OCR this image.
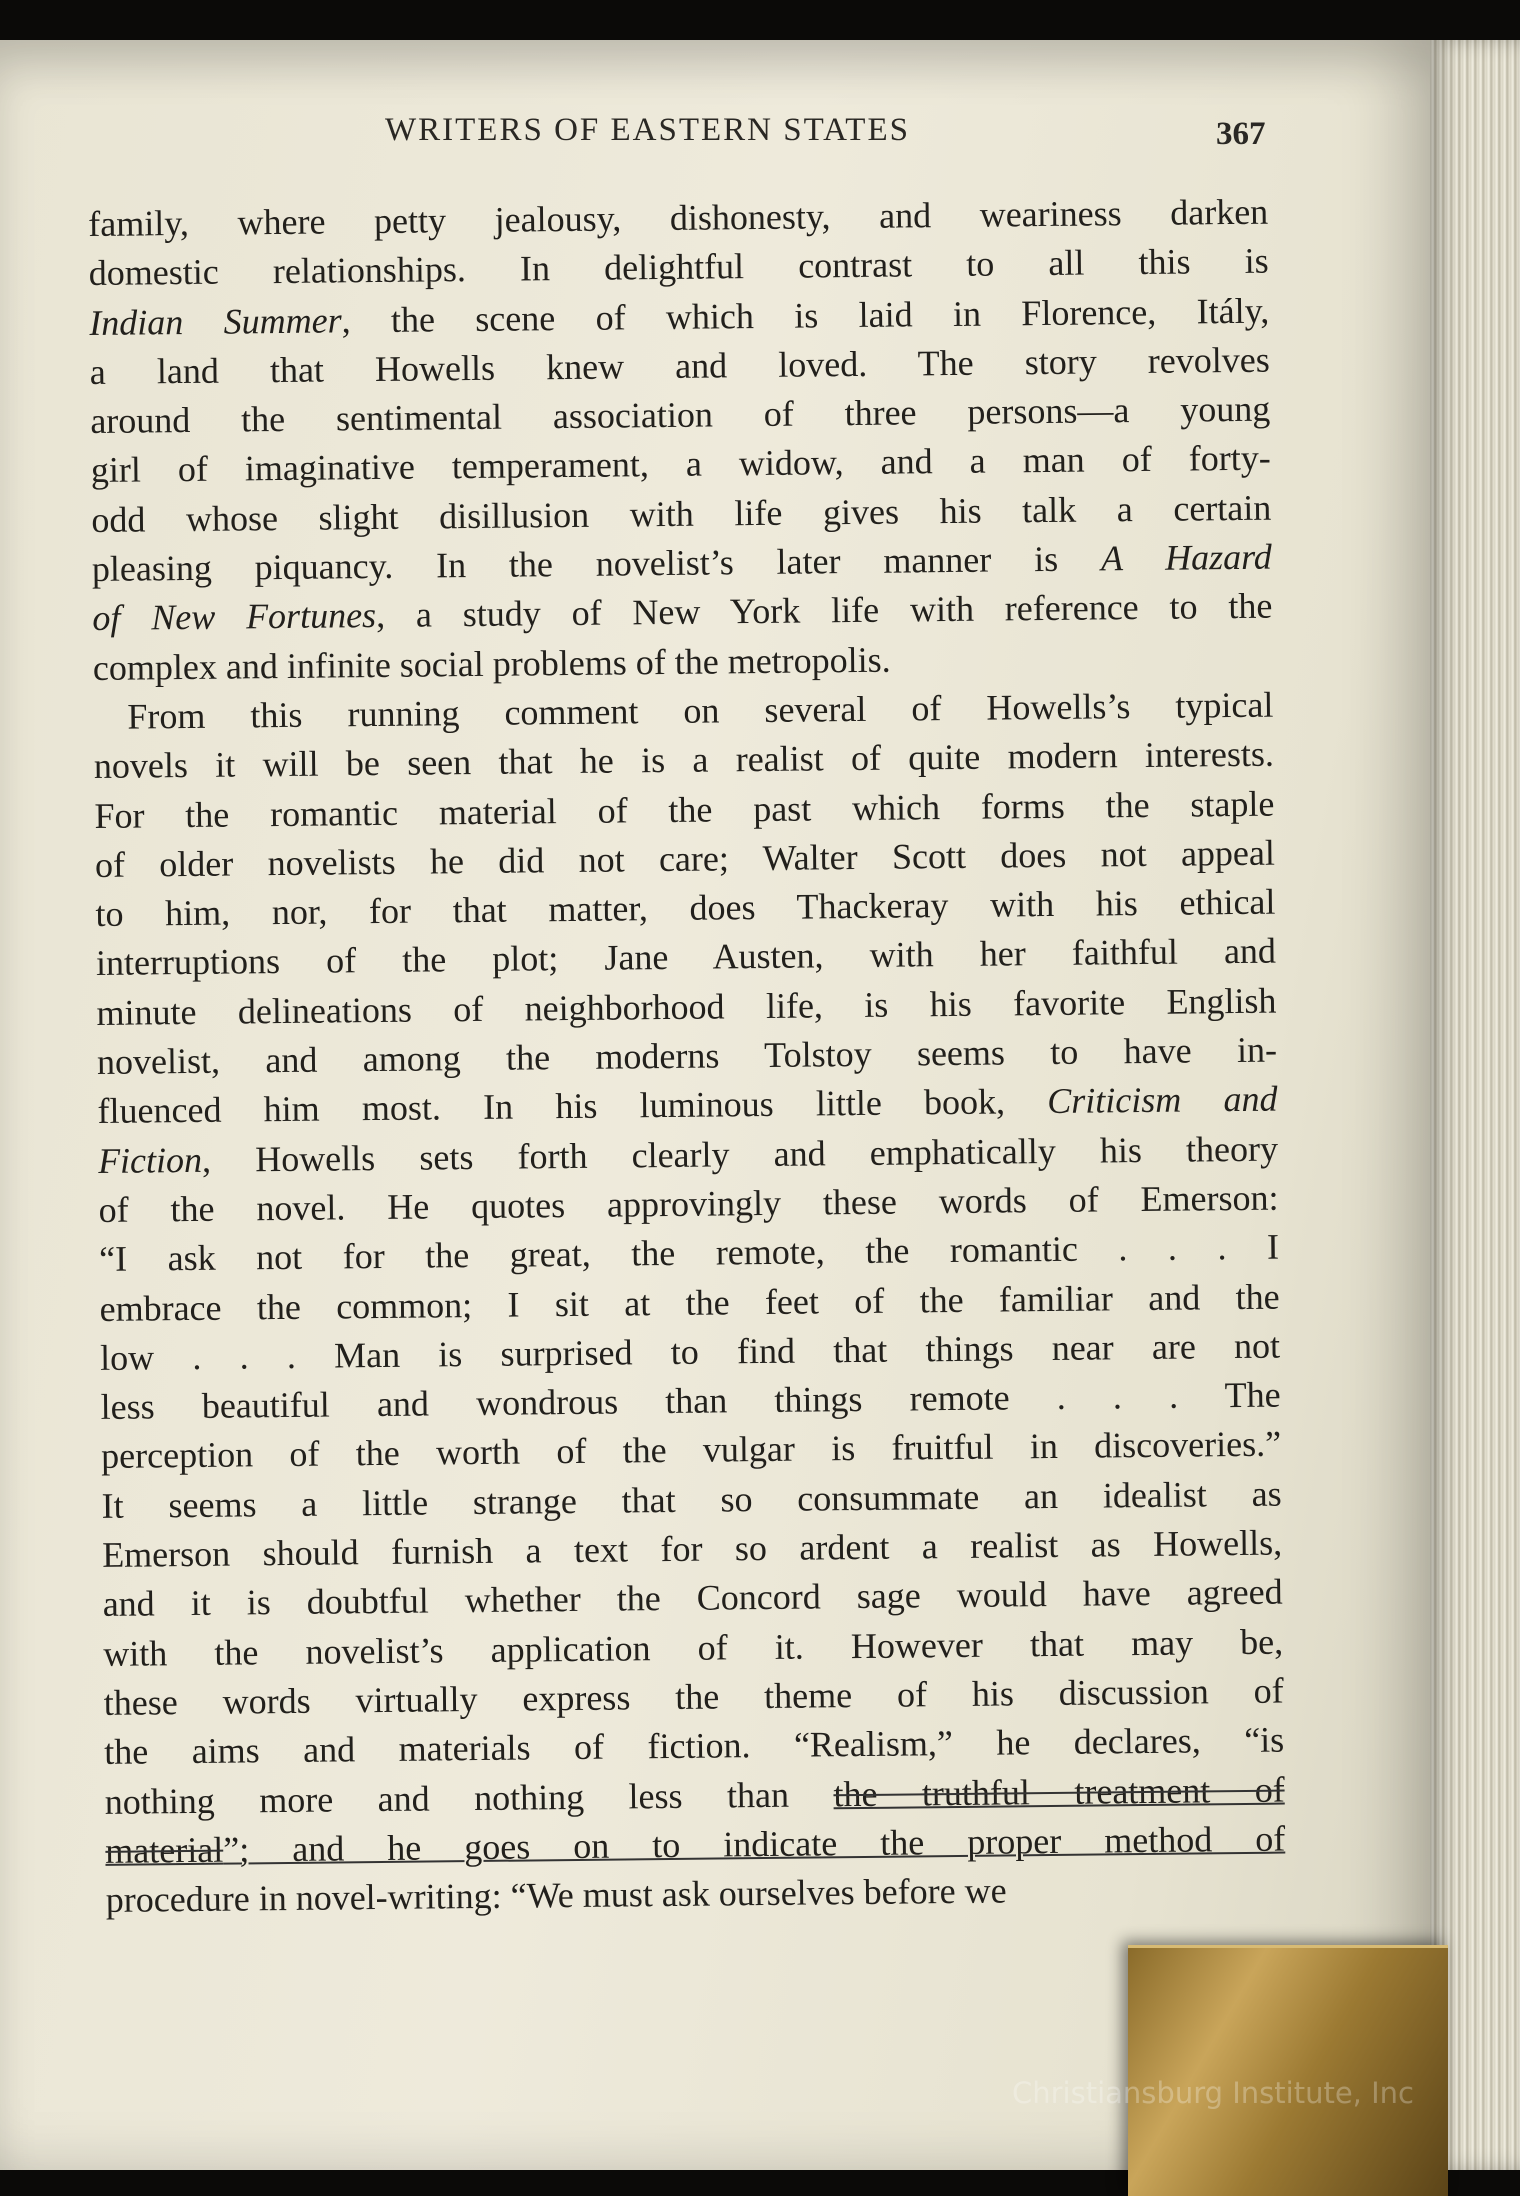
WRITERS OF EASTERN STATES	367
family, where petty jealousy, dishonesty, and weariness darken
domestic relationships. In delightful contrast to all this is
Indian Summer, the scene of which is laid in Florence, Itály,
a land that Howells knew and loved. The story revolves
around the sentimental association of three persons—a young
girl of imaginative temperament, a widow, and a man of forty-
odd whose slight disillusion with life gives his talk a certain
pleasing piquancy. In the novelist’s later manner is A Hazard
of New Fortunes, a study of New York life with reference to the
complex and infinite social problems of the metropolis.
From this running comment on several of Howells’s typical
novels it will be seen that he is a realist of quite modern interests.
For the romantic material of the past which forms the staple
of older novelists he did not care; Walter Scott does not appeal
to him, nor, for that matter, does Thackeray with his ethical
interruptions of the plot; Jane Austen, with her faithful and
minute delineations of neighborhood life, is his favorite English
novelist, and among the moderns Tolstoy seems to have in-
fluenced him most. In his luminous little book, Criticism and
Fiction, Howells sets forth clearly and emphatically his theory
of the novel. He quotes approvingly these words of Emerson:
“I ask not for the great, the remote, the romantic . . . I
embrace the common; I sit at the feet of the familiar and the
low . . . Man is surprised to find that things near are not
less beautiful and wondrous than things remote . . . The
perception of the worth of the vulgar is fruitful in discoveries.”
It seems a little strange that so consummate an idealist as
Emerson should furnish a text for so ardent a realist as Howells,
and it is doubtful whether the Concord sage would have agreed
with the novelist’s application of it. However that may be,
these words virtually express the theme of his discussion of
the aims and materials of fiction. “Realism,” he declares, “is
nothing more and nothing less than the truthful treatment of
material”; and he goes on to indicate the proper method of
procedure in novel-writing: “We must ask ourselves before we
Christiansburg Institute, Inc
